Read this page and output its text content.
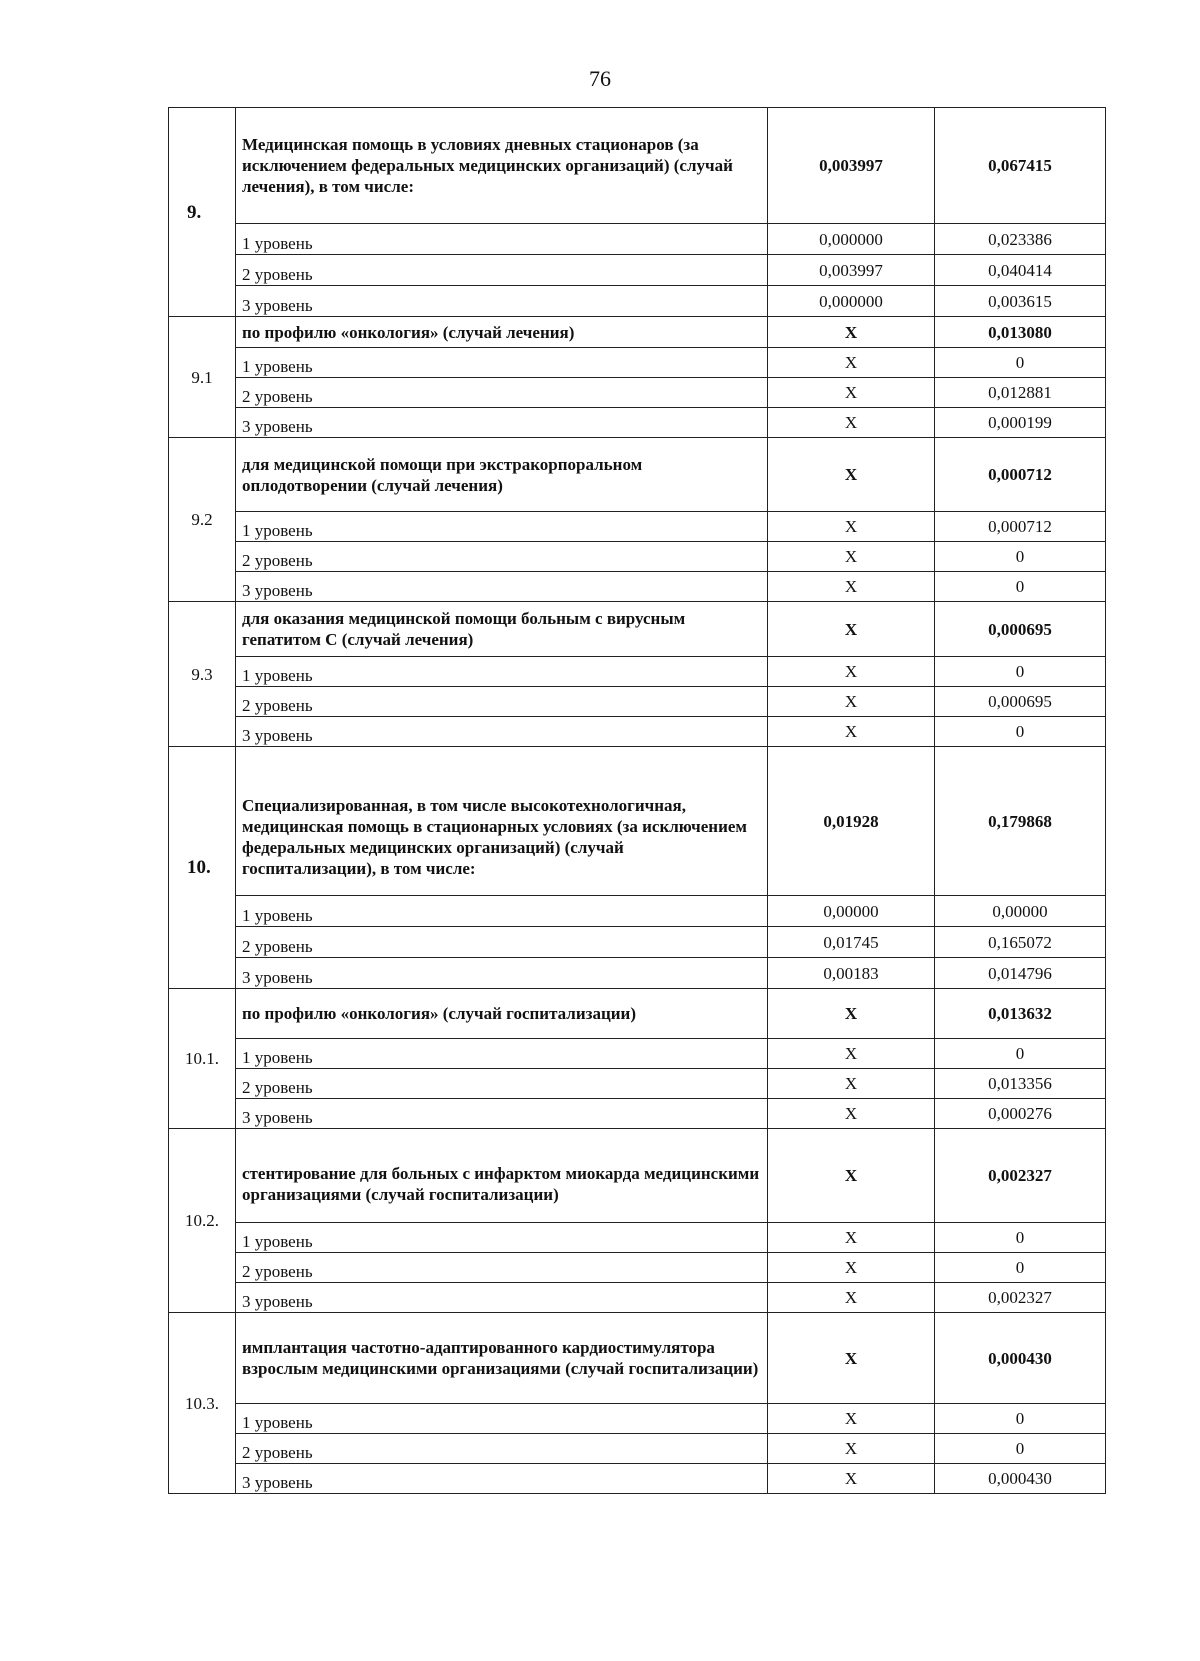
76
9.	Медицинская помощь в условиях дневных стационаров (за исключением федеральных медицинских организаций) (случай лечения), в том числе:	0,003997	0,067415
	1 уровень	0,000000	0,023386
	2 уровень	0,003997	0,040414
	3 уровень	0,000000	0,003615
9.1	по профилю «онкология» (случай лечения)	X	0,013080
	1 уровень	X	0
	2 уровень	X	0,012881
	3 уровень	X	0,000199
9.2	для медицинской помощи при экстракорпоральном оплодотворении (случай лечения)	X	0,000712
	1 уровень	X	0,000712
	2 уровень	X	0
	3 уровень	X	0
9.3	для оказания медицинской помощи больным с вирусным гепатитом С (случай лечения)	X	0,000695
	1 уровень	X	0
	2 уровень	X	0,000695
	3 уровень	X	0
10.	Специализированная, в том числе высокотехнологичная, медицинская помощь в стационарных условиях (за исключением федеральных медицинских организаций) (случай госпитализации), в том числе:	0,01928	0,179868
	1 уровень	0,00000	0,00000
	2 уровень	0,01745	0,165072
	3 уровень	0,00183	0,014796
10.1.	по профилю «онкология» (случай госпитализации)	X	0,013632
	1 уровень	X	0
	2 уровень	X	0,013356
	3 уровень	X	0,000276
10.2.	стентирование для больных с инфарктом миокарда медицинскими организациями (случай госпитализации)	X	0,002327
	1 уровень	X	0
	2 уровень	X	0
	3 уровень	X	0,002327
10.3.	имплантация частотно-адаптированного кардиостимулятора взрослым медицинскими организациями (случай госпитализации)	X	0,000430
	1 уровень	X	0
	2 уровень	X	0
	3 уровень	X	0,000430
